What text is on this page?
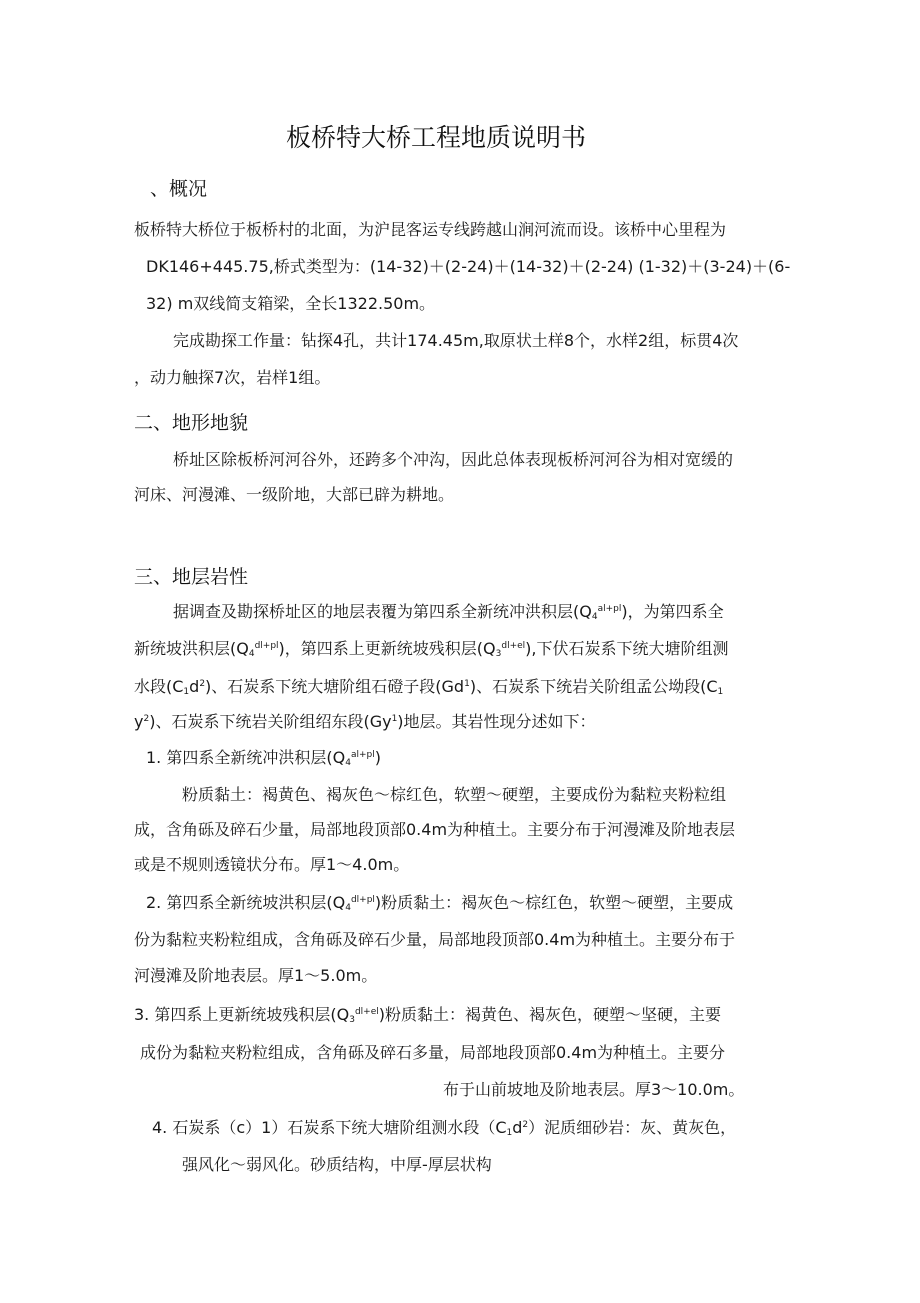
板桥特大桥工程地质说明书
、概况
板桥特大桥位于板桥村的北面，为沪昆客运专线跨越山涧河流而设。该桥中心里程为
DK146+445.75,桥式类型为：(14-32)＋(2-24)＋(14-32)＋(2-24) (1-32)＋(3-24)＋(6-
32) m双线简支箱梁，全长1322.50m。
完成勘探工作量：钻探4孔，共计174.45m,取原状土样8个，水样2组，标贯4次
，动力触探7次，岩样1组。
二、地形地貌
桥址区除板桥河河谷外，还跨多个冲沟，因此总体表现板桥河河谷为相对宽缓的
河床、河漫滩、一级阶地，大部已辟为耕地。
三、地层岩性
据调查及勘探桥址区的地层表覆为第四系全新统冲洪积层$(Q_4^{al+pl})$，为第四系全
新统坡洪积层$(Q_4^{dl+pl})$，第四系上更新统坡残积层$(Q_3^{dl+el})$,下伏石炭系下统大塘阶组测
水段$(C_1d^2)$、石炭系下统大塘阶组石磴子段(Gd$^1$)、石炭系下统岩关阶组孟公坳段($C_1$
$y^2$)、石炭系下统岩关阶组绍东段(Gy$^1$)地层。其岩性现分述如下：
1. 第四系全新统冲洪积层$(Q_4^{al+pl})$
粉质黏土：褐黄色、褐灰色～棕红色，软塑～硬塑，主要成份为黏粒夹粉粒组
成，含角砾及碎石少量，局部地段顶部0.4m为种植土。主要分布于河漫滩及阶地表层
或是不规则透镜状分布。厚1～4.0m。
2. 第四系全新统坡洪积层$(Q_4^{dl+pl})$粉质黏土：褐灰色～棕红色，软塑～硬塑，主要成
份为黏粒夹粉粒组成，含角砾及碎石少量，局部地段顶部0.4m为种植土。主要分布于
河漫滩及阶地表层。厚1～5.0m。
3. 第四系上更新统坡残积层$(Q_3^{dl+el})$粉质黏土：褐黄色、褐灰色，硬塑～坚硬，主要
成份为黏粒夹粉粒组成，含角砾及碎石多量，局部地段顶部0.4m为种植土。主要分
布于山前坡地及阶地表层。厚3～10.0m。
4. 石炭系（c）1）石炭系下统大塘阶组测水段$(C_1d^2)$泥质细砂岩：灰、黄灰色，
强风化～弱风化。砂质结构，中厚-厚层状构
